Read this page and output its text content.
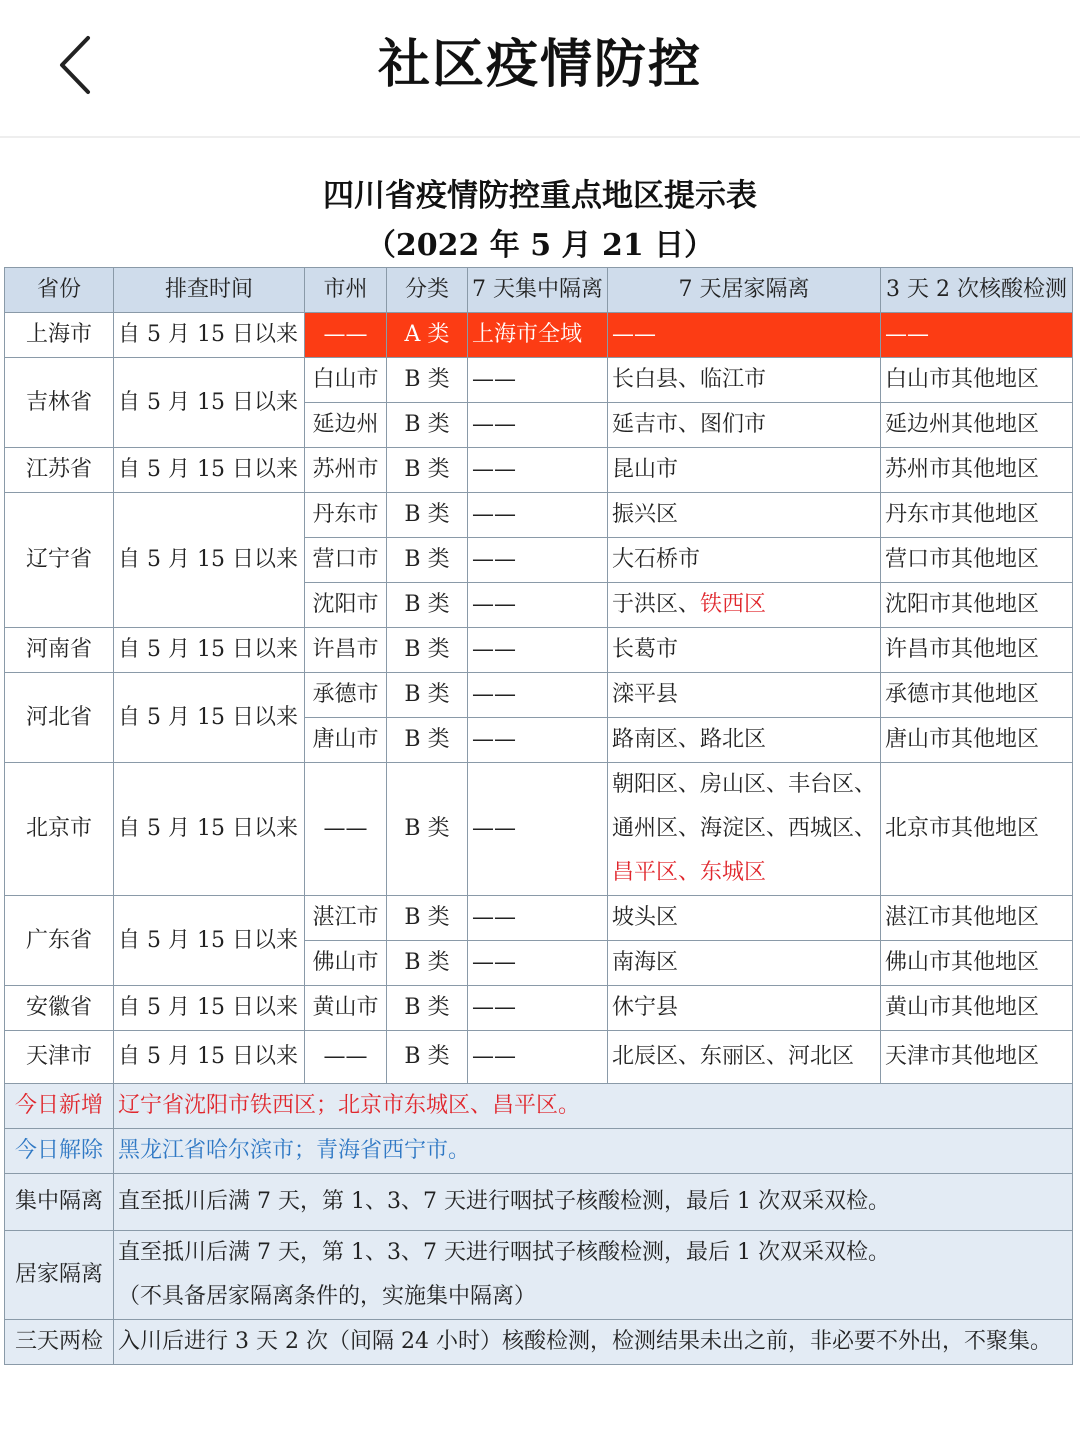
社区疫情防控
四川省疫情防控重点地区提示表
（2022 年 5 月 21 日）
省份	排查时间	市州	分类	7 天集中隔离	7 天居家隔离	3 天 2 次核酸检测
上海市	自 5 月 15 日以来	——	A 类	上海市全域	——	——
吉林省	自 5 月 15 日以来	白山市	B 类	——	长白县、临江市	白山市其他地区
		延边州	B 类	——	延吉市、图们市	延边州其他地区
江苏省	自 5 月 15 日以来	苏州市	B 类	——	昆山市	苏州市其他地区
辽宁省	自 5 月 15 日以来	丹东市	B 类	——	振兴区	丹东市其他地区
		营口市	B 类	——	大石桥市	营口市其他地区
		沈阳市	B 类	——	于洪区、铁西区	沈阳市其他地区
河南省	自 5 月 15 日以来	许昌市	B 类	——	长葛市	许昌市其他地区
河北省	自 5 月 15 日以来	承德市	B 类	——	滦平县	承德市其他地区
		唐山市	B 类	——	路南区、路北区	唐山市其他地区
北京市	自 5 月 15 日以来	——	B 类	——	朝阳区、房山区、丰台区、
通州区、海淀区、西城区、
昌平区、东城区	北京市其他地区
广东省	自 5 月 15 日以来	湛江市	B 类	——	坡头区	湛江市其他地区
		佛山市	B 类	——	南海区	佛山市其他地区
安徽省	自 5 月 15 日以来	黄山市	B 类	——	休宁县	黄山市其他地区
天津市	自 5 月 15 日以来	——	B 类	——	北辰区、东丽区、河北区	天津市其他地区
今日新增	辽宁省沈阳市铁西区；北京市东城区、昌平区。					
今日解除	黑龙江省哈尔滨市；青海省西宁市。					
集中隔离	直至抵川后满 7 天，第 1、3、7 天进行咽拭子核酸检测，最后 1 次双采双检。					
居家隔离	直至抵川后满 7 天，第 1、3、7 天进行咽拭子核酸检测，最后 1 次双采双检。
（不具备居家隔离条件的，实施集中隔离）					

三天两检	入川后进行 3 天 2 次（间隔 24 小时）核酸检测，检测结果未出之前，非必要不外出，不聚集。					
